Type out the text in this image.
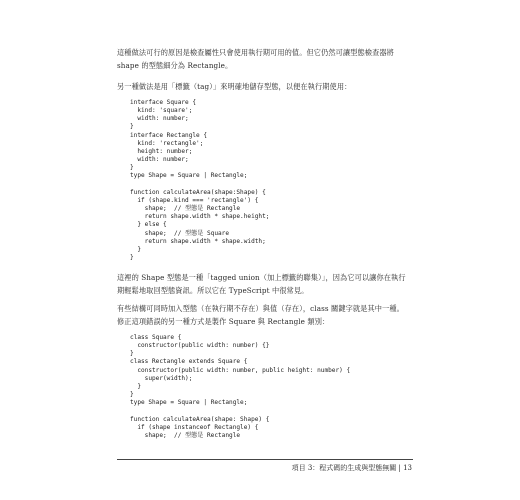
這種做法可行的原因是檢查屬性只會使用執行期可用的值。但它仍然可讓型態檢查器將 shape 的型態細分為 Rectangle。

另一種做法是用「標籤（tag）」來明確地儲存型態，以便在執行期使用：

interface Square {
kind: 'square';
width: number;
}
interface Rectangle {
kind: 'rectangle';
height: number;
width: number;
}
type Shape = Square | Rectangle;

function calculateArea(shape:Shape) {
if (shape.kind === 'rectangle') {
shape;  // 型態是 Rectangle
return shape.width * shape.height;
} else {
shape;  // 型態是 Square
return shape.width * shape.width;
}
}

這裡的 Shape 型態是一種「tagged union（加上標籤的聯集）」，因為它可以讓你在執行期輕鬆地取回型態資訊。所以它在 TypeScript 中很常見。

有些結構可同時加入型態（在執行期不存在）與值（存在），class 關鍵字就是其中一種。修正這項錯誤的另一種方式是製作 Square 與 Rectangle 類別：

class Square {
constructor(public width: number) {}
}
class Rectangle extends Square {
constructor(public width: number, public height: number) {
super(width);
}
}
type Shape = Square | Rectangle;

function calculateArea(shape: Shape) {
if (shape instanceof Rectangle) {
shape;  // 型態是 Rectangle
項目 3：程式碼的生成與型態無關 | 13
